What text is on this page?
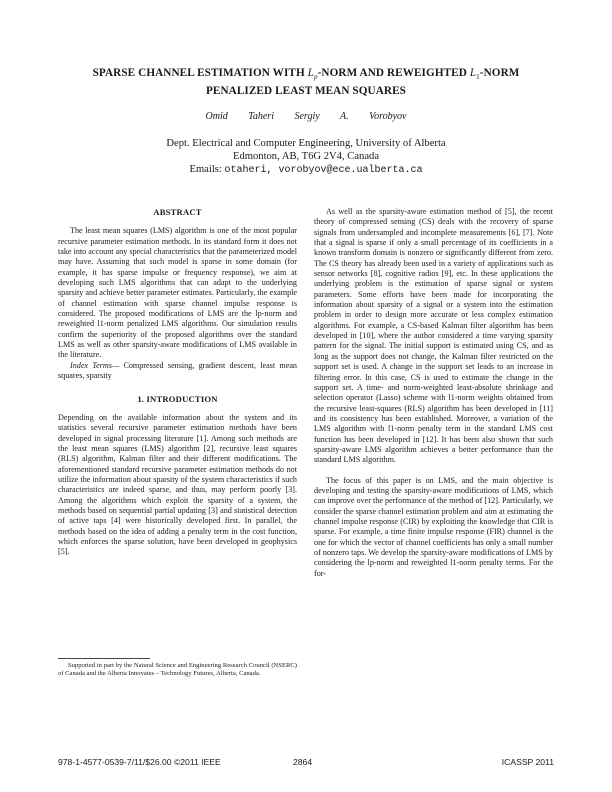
SPARSE CHANNEL ESTIMATION WITH $L_p$-NORM AND REWEIGHTED $L_1$-NORM
PENALIZED LEAST MEAN SQUARES
Omid Taheri Sergiy A. Vorobyov
Dept. Electrical and Computer Engineering, University of Alberta
Edmonton, AB, T6G 2V4, Canada
Emails: otaheri, vorobyov@ece.ualberta.ca
ABSTRACT

The least mean squares (LMS) algorithm is one of the most popular recursive parameter estimation methods. In its standard form it does not take into account any special characteristics that the parameterized model may have. Assuming that such model is sparse in some domain (for example, it has sparse impulse or frequency response), we aim at developing such LMS algorithms that can adapt to the underlying sparsity and achieve better parameter estimates. Particularly, the example of channel estimation with sparse channel impulse response is considered. The proposed modifications of LMS are the lp-norm and reweighted l1-norm penalized LMS algorithms. Our simulation results confirm the superiority of the proposed algorithms over the standard LMS as well as other sparsity-aware modifications of LMS available in the literature.

Index Terms— Compressed sensing, gradient descent, least mean squares, sparsity

1. INTRODUCTION

Depending on the available information about the system and its statistics several recursive parameter estimation methods have been developed in signal processing literature [1]. Among such methods are the least mean squares (LMS) algorithm [2], recursive least squares (RLS) algorithm, Kalman filter and their different modifications. The aforementioned standard recursive parameter estimation methods do not utilize the information about sparsity of the system characteristics if such characteristics are indeed sparse, and thus, may perform poorly [3]. Among the algorithms which exploit the sparsity of a system, the methods based on sequential partial updating [3] and statistical detection of active taps [4] were historically developed first. In parallel, the methods based on the idea of adding a penalty term in the cost function, which enforces the sparse solution, have been developed in geophysics [5].

Supported in part by the Natural Science and Engineering Research Council (NSERC) of Canada and the Alberta Innovates – Technology Futures, Alberta, Canada.

As well as the sparsity-aware estimation method of [5], the recent theory of compressed sensing (CS) deals with the recovery of sparse signals from undersampled and incomplete measurements [6], [7]. Note that a signal is sparse if only a small percentage of its coefficients in a known transform domain is nonzero or significantly different from zero. The CS theory has already been used in a variety of applications such as sensor networks [8], cognitive radios [9], etc. In these applications the underlying problem is the estimation of sparse signal or system parameters. Some efforts have been made for incorporating the information about sparsity of a signal or a system into the estimation problem in order to design more accurate or less complex estimation algorithms. For example, a CS-based Kalman filter algorithm has been developed in [10], where the author considered a time varying sparsity pattern for the signal. The initial support is estimated using CS, and as long as the support does not change, the Kalman filter restricted on the support set is used. A change in the support set leads to an increase in filtering error. In this case, CS is used to estimate the change in the support set. A time- and norm-weighted least-absolute shrinkage and selection operator (Lasso) scheme with l1-norm weights obtained from the recursive least-squares (RLS) algorithm has been developed in [11] and its consistency has been established. Moreover, a variation of the LMS algorithm with l1-norm penalty term in the standard LMS cost function has been developed in [12]. It has been also shown that such sparsity-aware LMS algorithm achieves a better performance than the standard LMS algorithm.

The focus of this paper is on LMS, and the main objective is developing and testing the sparsity-aware modifications of LMS, which can improve over the performance of the method of [12]. Particularly, we consider the sparse channel estimation problem and aim at estimating the channel impulse response (CIR) by exploiting the knowledge that CIR is sparse. For example, a time finite impulse response (FIR) channel is the one for which the vector of channel coefficients has only a small number of nonzero taps. We develop the sparsity-aware modifications of LMS by considering the lp-norm and reweighted l1-norm penalty terms. For the for-

978-1-4577-0539-7/11/$26.00 ©2011 IEEE	2864	ICASSP 2011
